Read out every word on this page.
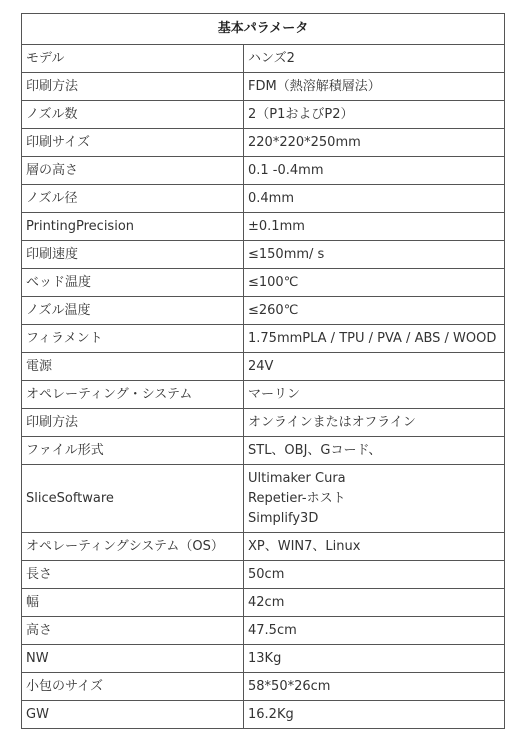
基本パラメータ	
モデル	ハンズ2
印刷方法	FDM（熱溶解積層法）
ノズル数	2（P1およびP2）
印刷サイズ	220*220*250mm
層の高さ	0.1 -0.4mm
ノズル径	0.4mm
PrintingPrecision	±0.1mm
印刷速度	≤150mm/ s
ベッド温度	≤100℃
ノズル温度	≤260℃
フィラメント	1.75mmPLA / TPU / PVA / ABS / WOOD
電源	24V
オペレーティング・システム	マーリン
印刷方法	オンラインまたはオフライン
ファイル形式	STL、OBJ、Gコード、
SliceSoftware	Ultimaker Cura
Repetier-ホスト
Simplify3D

オペレーティングシステム（OS）	XP、WIN7、Linux
長さ	50cm
幅	42cm
高さ	47.5cm
NW	13Kg
小包のサイズ	58*50*26cm
GW	16.2Kg
